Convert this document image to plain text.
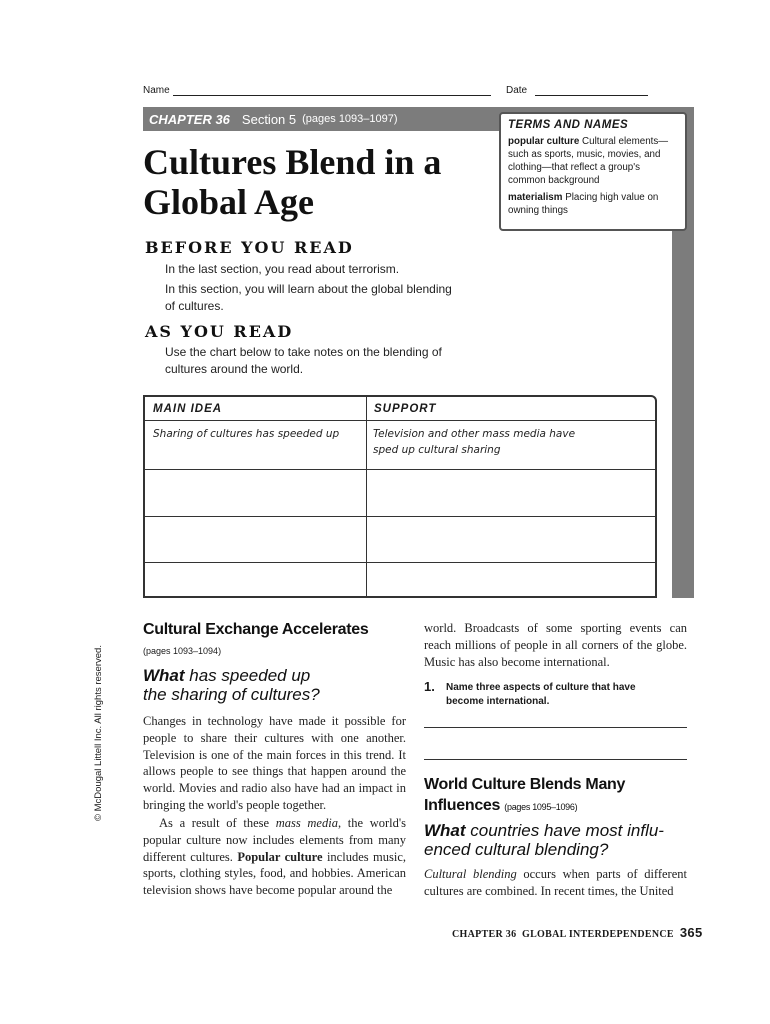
Name	Date
CHAPTER 36 Section 5 (pages 1093–1097)	TERMS AND NAMES
popular culture Cultural elements—such as sports, music, movies, and clothing—that reflect a group's common background
materialism Placing high value on owning things
Cultures Blend in a
Global Age
BEFORE YOU READ
In the last section, you read about terrorism.
In this section, you will learn about the global blending of cultures.
AS YOU READ
Use the chart below to take notes on the blending of cultures around the world.
MAIN IDEA	SUPPORT
Sharing of cultures has speeded up	Television and other mass media have sped up cultural sharing
Cultural Exchange Accelerates
(pages 1093–1094)
What has speeded up
the sharing of cultures?
Changes in technology have made it possible for people to share their cultures with one another. Television is one of the main forces in this trend. It allows people to see things that happen around the world. Movies and radio also have had an impact in bringing the world's people together.
As a result of these mass media, the world's popular culture now includes elements from many different cultures. Popular culture includes music, sports, clothing styles, food, and hobbies. American television shows have become popular around the
world. Broadcasts of some sporting events can reach millions of people in all corners of the globe. Music has also become international.
1. Name three aspects of culture that have become international.
World Culture Blends Many
Influences (pages 1095–1096)
What countries have most influ-
enced cultural blending?
Cultural blending occurs when parts of different cultures are combined. In recent times, the United
CHAPTER 36  GLOBAL INTERDEPENDENCE 365
© McDougal Littell Inc. All rights reserved.
